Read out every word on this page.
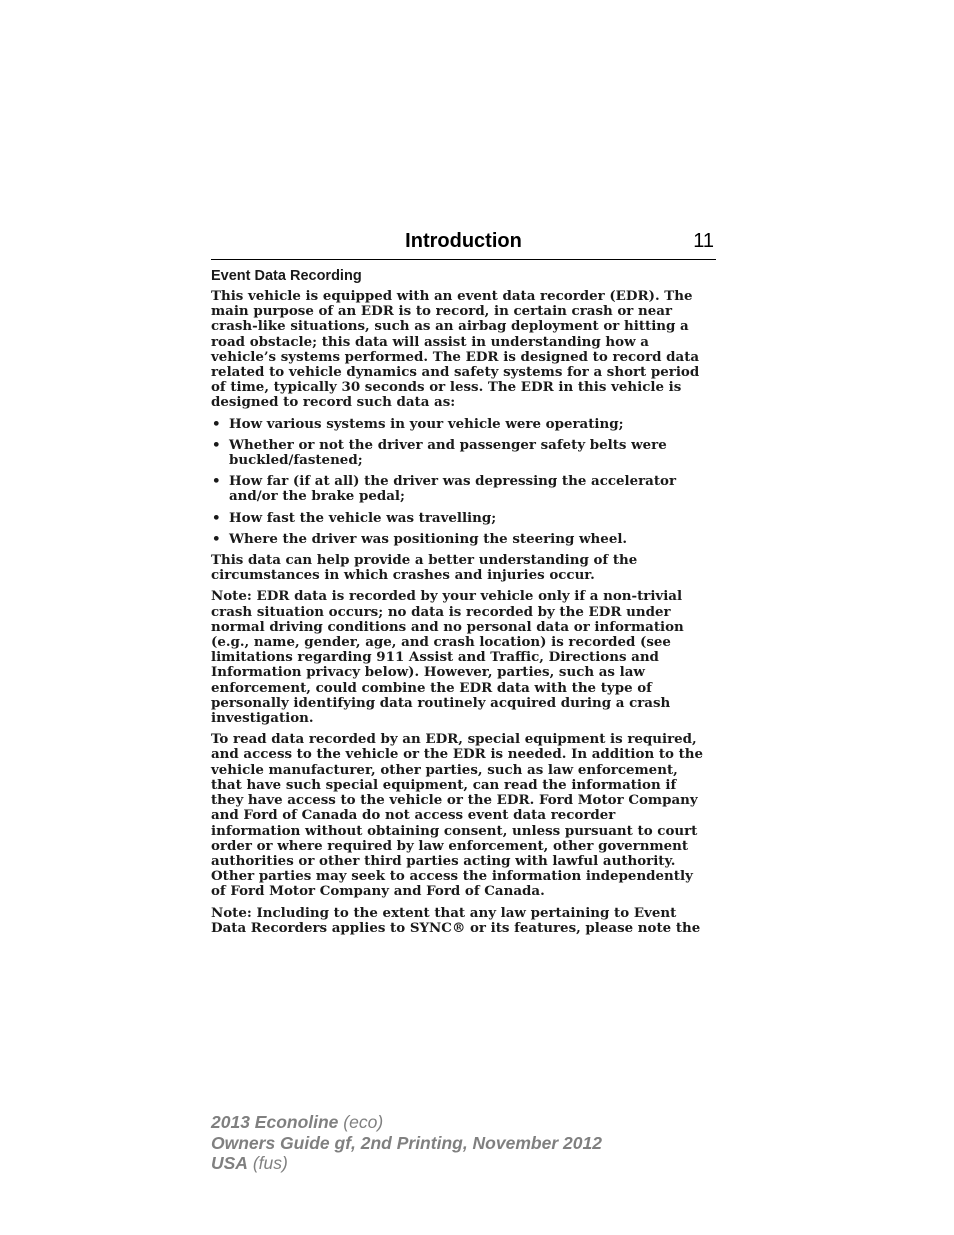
Introduction	11
Event Data Recording

This vehicle is equipped with an event data recorder (EDR). The
main purpose of an EDR is to record, in certain crash or near
crash-like situations, such as an airbag deployment or hitting a
road obstacle; this data will assist in understanding how a
vehicle’s systems performed. The EDR is designed to record data
related to vehicle dynamics and safety systems for a short period
of time, typically 30 seconds or less. The EDR in this vehicle is
designed to record such data as:

• How various systems in your vehicle were operating;
• Whether or not the driver and passenger safety belts were
buckled/fastened;
• How far (if at all) the driver was depressing the accelerator
and/or the brake pedal;
• How fast the vehicle was travelling;
• Where the driver was positioning the steering wheel.

This data can help provide a better understanding of the
circumstances in which crashes and injuries occur.

Note: EDR data is recorded by your vehicle only if a non-trivial
crash situation occurs; no data is recorded by the EDR under
normal driving conditions and no personal data or information
(e.g., name, gender, age, and crash location) is recorded (see
limitations regarding 911 Assist and Traffic, Directions and
Information privacy below). However, parties, such as law
enforcement, could combine the EDR data with the type of
personally identifying data routinely acquired during a crash
investigation.

To read data recorded by an EDR, special equipment is required,
and access to the vehicle or the EDR is needed. In addition to the
vehicle manufacturer, other parties, such as law enforcement,
that have such special equipment, can read the information if
they have access to the vehicle or the EDR. Ford Motor Company
and Ford of Canada do not access event data recorder
information without obtaining consent, unless pursuant to court
order or where required by law enforcement, other government
authorities or other third parties acting with lawful authority.
Other parties may seek to access the information independently
of Ford Motor Company and Ford of Canada.

Note: Including to the extent that any law pertaining to Event
Data Recorders applies to SYNC® or its features, please note the

2013 Econoline (eco)
Owners Guide gf, 2nd Printing, November 2012
USA (fus)
